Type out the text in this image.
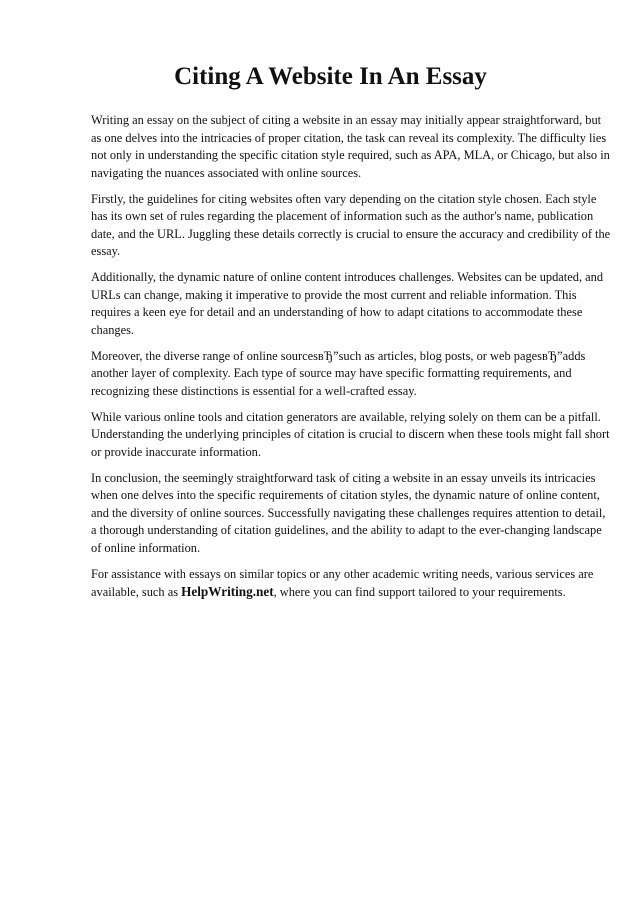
Citing A Website In An Essay

Writing an essay on the subject of citing a website in an essay may initially appear straightforward, but as one delves into the intricacies of proper citation, the task can reveal its complexity. The difficulty lies not only in understanding the specific citation style required, such as APA, MLA, or Chicago, but also in navigating the nuances associated with online sources.

Firstly, the guidelines for citing websites often vary depending on the citation style chosen. Each style has its own set of rules regarding the placement of information such as the author's name, publication date, and the URL. Juggling these details correctly is crucial to ensure the accuracy and credibility of the essay.

Additionally, the dynamic nature of online content introduces challenges. Websites can be updated, and URLs can change, making it imperative to provide the most current and reliable information. This requires a keen eye for detail and an understanding of how to adapt citations to accommodate these changes.

Moreover, the diverse range of online sourcesвЂ”such as articles, blog posts, or web pagesвЂ”adds another layer of complexity. Each type of source may have specific formatting requirements, and recognizing these distinctions is essential for a well-crafted essay.

While various online tools and citation generators are available, relying solely on them can be a pitfall. Understanding the underlying principles of citation is crucial to discern when these tools might fall short or provide inaccurate information.

In conclusion, the seemingly straightforward task of citing a website in an essay unveils its intricacies when one delves into the specific requirements of citation styles, the dynamic nature of online content, and the diversity of online sources. Successfully navigating these challenges requires attention to detail, a thorough understanding of citation guidelines, and the ability to adapt to the ever-changing landscape of online information.

For assistance with essays on similar topics or any other academic writing needs, various services are available, such as HelpWriting.net, where you can find support tailored to your requirements.
